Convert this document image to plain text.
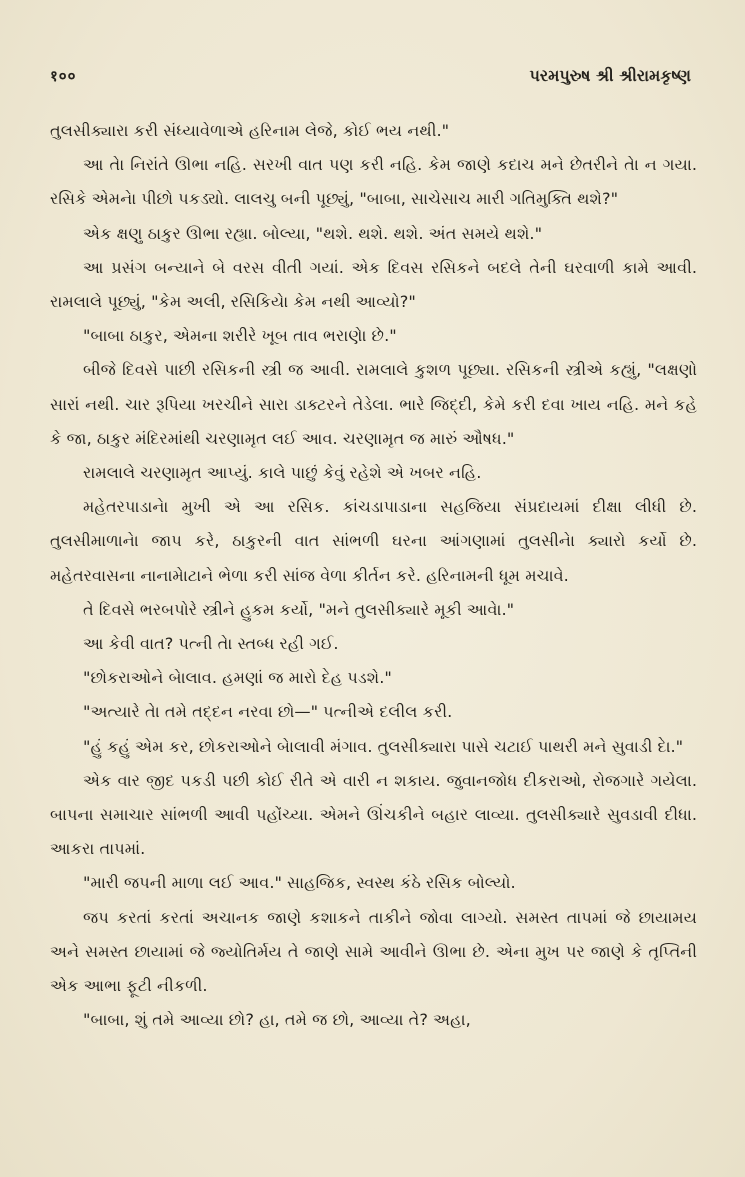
१००	પરમપુરુષ શ્રી શ્રીરામકૃષ્ણ

તુલસીક્યારા કરી સંધ્યાવેળાએ હરિનામ લેજે, કોઈ ભય નથી."

આ તેા નિરાંતે ઊભા નહિ. સરખી વાત પણ કરી નહિ. કેમ જાણે કદાચ મને છેતરીને તેા ન ગયા. રસિકે એમનેા પીછો પકડ્યો. લાલચુ બની પૂછ્યું, "બાબા, સાચેસાચ મારી ગતિમુક્તિ થશે?"

એક ક્ષણુ ઠાકુર ઊભા રહ્યા. બોલ્યા, "થશે. થશે. થશે. અંત સમયે થશે."

આ પ્રસંગ બન્યાને બે વરસ વીતી ગયાં. એક દિવસ રસિકને બદલે તેની ઘરવાળી કામે આવી. રામલાલે પૂછ્યું, "કેમ અલી, રસિકિયેા કેમ નથી આવ્યો?"

"બાબા ઠાકુર, એમના શરીરે ખૂબ તાવ ભરાણેા છે."

બીજે દિવસે પાછી રસિકની સ્ત્રી જ આવી. રામલાલે કુશળ પૂછ્યા. રસિકની સ્ત્રીએ કહ્યું, "લક્ષણો સારાં નથી. ચાર રૂપિયા ખરચીને સારા ડાક્ટરને તેડેલા. ભારે જિદ્દી, કેમે કરી દવા ખાય નહિ. મને કહે કે જા, ઠાકુર મંદિરમાંથી ચરણામૃત લઈ આવ. ચરણામૃત જ મારું ઔષધ."

રામલાલે ચરણામૃત આપ્યું. કાલે પાછું કેવું રહેશે એ ખબર નહિ.

મહેતરપાડાનેા મુખી એ આ રસિક. કાંચડાપાડાના સહજિયા સંપ્રદાયમાં દીક્ષા લીધી છે. તુલસીમાળાનેા જાપ કરે, ઠાકુરની વાત સાંભળી ઘરના આંગણામાં તુલસીનેા ક્યારો કર્યો છે. મહેતરવાસના નાનામેાટાને ભેળા કરી સાંજ વેળા કીર્તન કરે. હરિનામની ધૂમ મચાવે.

તે દિવસે ભરબપોરે સ્ત્રીને હુકમ કર્યો, "મને તુલસીક્યારે મૂકી આવેા."

આ કેવી વાત? પત્ની તેા સ્તબ્ધ રહી ગઈ.

"છોકરાઓને બેાલાવ. હમણાં જ મારો દેહ પડશે."

"અત્યારે તેા તમે તદ્દન નરવા છો—" પત્નીએ દલીલ કરી.

"હું કહું એમ કર, છોકરાઓને બેાલાવી મંગાવ. તુલસીક્યારા પાસે ચટાઈ પાથરી મને સુવાડી દેા."

એક વાર જીદ પકડી પછી કોઈ રીતે એ વારી ન શકાય. જુવાનજોધ દીકરાઓ, રોજગારે ગયેલા. બાપના સમાચાર સાંભળી આવી પહોંચ્યા. એમને ઊંચકીને બહાર લાવ્યા. તુલસીક્યારે સુવડાવી દીધા. આકરા તાપમાં.

"મારી જપની માળા લઈ આવ." સાહજિક, સ્વસ્થ કંઠે રસિક બોલ્યો.

જપ કરતાં કરતાં અચાનક જાણે કશાકને તાકીને જોવા લાગ્યો. સમસ્ત તાપમાં જે છાયામય અને સમસ્ત છાયામાં જે જ્યોતિર્મય તે જાણે સામે આવીને ઊભા છે. એના મુખ પર જાણે કે તૃપ્તિની એક આભા ફૂટી નીકળી.

"બાબા, શું તમે આવ્યા છો? હા, તમે જ છો, આવ્યા તે? અહા,
